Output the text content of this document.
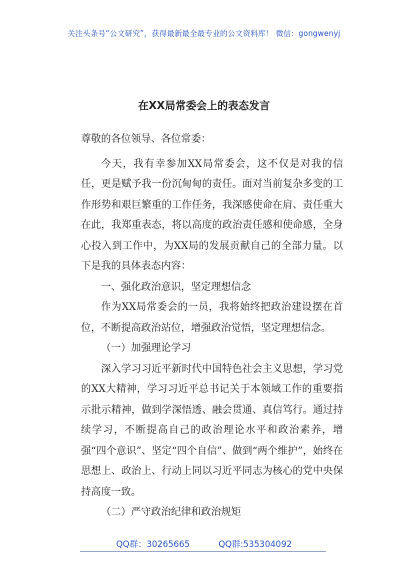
关注头条号“公文研究”，获得最新最全最专业的公文资料库！ 微信：gongwenyj
在XX局常委会上的表态发言

尊敬的各位领导、各位常委：

今天，我有幸参加XX局常委会，这不仅是对我的信任，更是赋予我一份沉甸甸的责任。面对当前复杂多变的工作形势和艰巨繁重的工作任务，我深感使命在肩、责任重大在此，我郑重表态，将以高度的政治责任感和使命感，全身心投入到工作中，为XX局的发展贡献自己的全部力量。以下是我的具体表态内容：

一、强化政治意识，坚定理想信念

作为XX局常委会的一员，我将始终把政治建设摆在首位，不断提高政治站位，增强政治觉悟，坚定理想信念。

（一）加强理论学习

深入学习习近平新时代中国特色社会主义思想，学习党的XX大精神，学习习近平总书记关于本领域工作的重要指示批示精神，做到学深悟透、融会贯通、真信笃行。通过持续学习，不断提高自己的政治理论水平和政治素养，增强“四个意识”、坚定“四个自信”、做到“两个维护”，始终在思想上、政治上、行动上同以习近平同志为核心的党中央保持高度一致。

（二）严守政治纪律和政治规矩

QQ群：30265665	QQ群:535304092
